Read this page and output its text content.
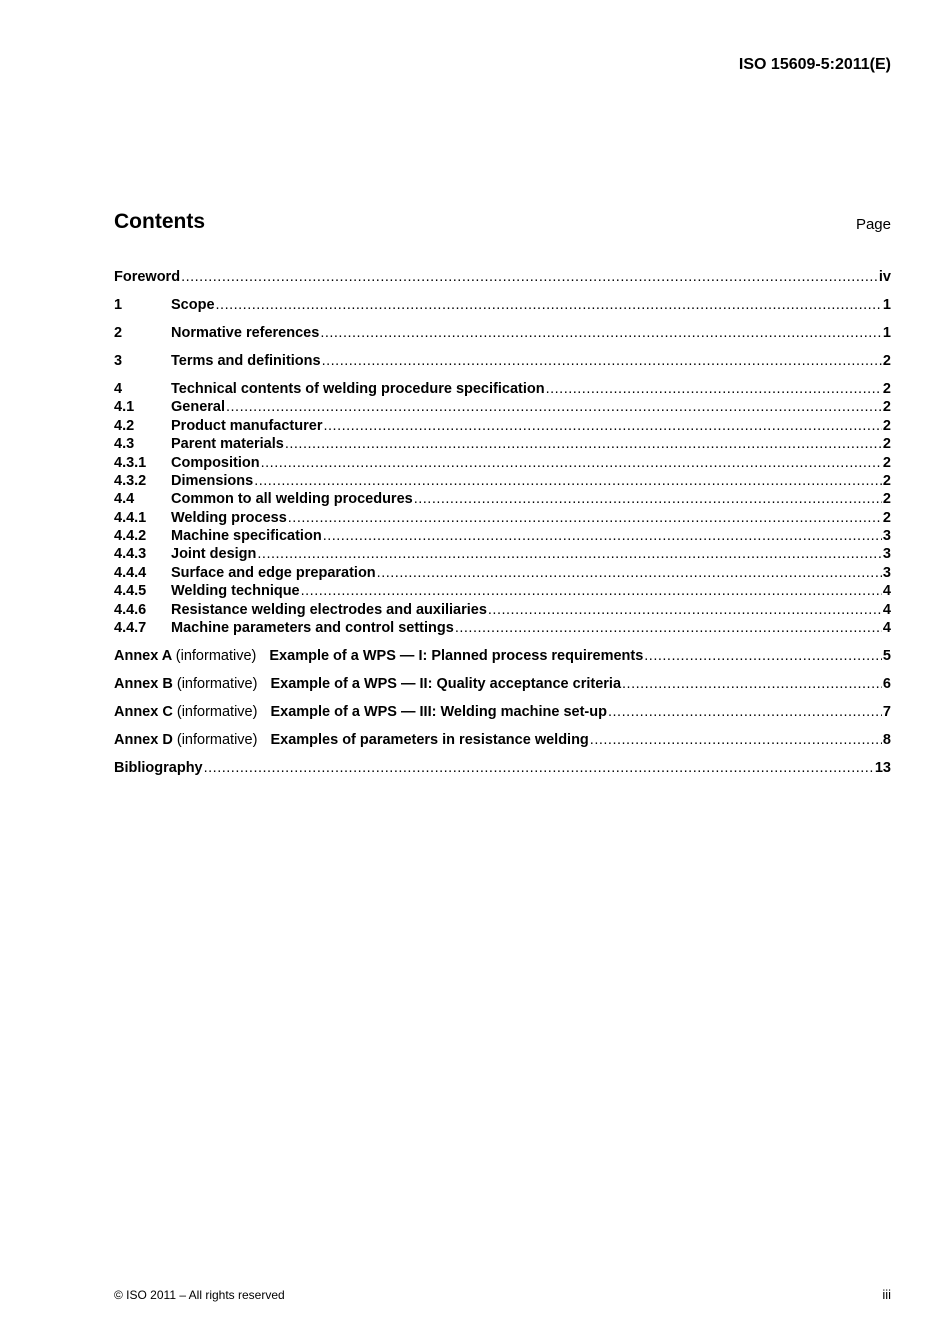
ISO 15609-5:2011(E)
Contents	Page
Foreword .....	iv
1	Scope .....	1
2	Normative references .....	1
3	Terms and definitions .....	2
4	Technical contents of welding procedure specification .....	2
4.1	General .....	2
4.2	Product manufacturer .....	2
4.3	Parent materials .....	2
4.3.1	Composition .....	2
4.3.2	Dimensions .....	2
4.4	Common to all welding procedures .....	2
4.4.1	Welding process .....	2
4.4.2	Machine specification .....	3
4.4.3	Joint design .....	3
4.4.4	Surface and edge preparation .....	3
4.4.5	Welding technique .....	4
4.4.6	Resistance welding electrodes and auxiliaries .....	4
4.4.7	Machine parameters and control settings .....	4
Annex A (informative) Example of a WPS — I: Planned process requirements .....	5
Annex B (informative) Example of a WPS — II: Quality acceptance criteria .....	6
Annex C (informative) Example of a WPS — III: Welding machine set-up .....	7
Annex D (informative) Examples of parameters in resistance welding .....	8
Bibliography .....	13
© ISO 2011 – All rights reserved	iii
